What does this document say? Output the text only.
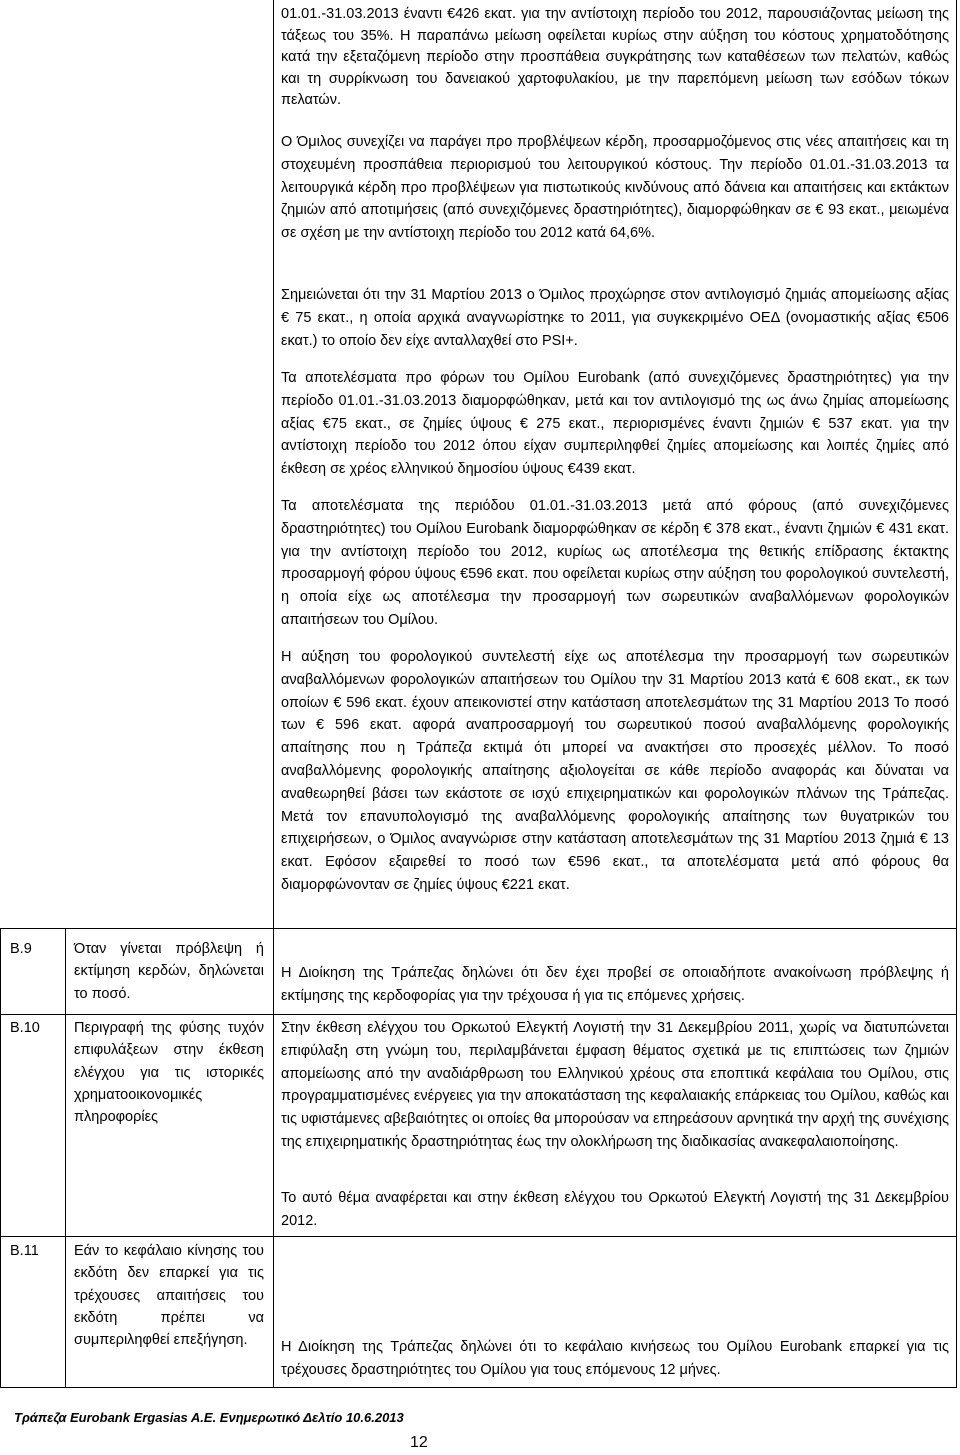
01.01.-31.03.2013 έναντι €426 εκατ. για την αντίστοιχη περίοδο του 2012, παρουσιάζοντας μείωση της τάξεως του 35%. Η παραπάνω μείωση οφείλεται κυρίως στην αύξηση του κόστους χρηματοδότησης κατά την εξεταζόμενη περίοδο στην προσπάθεια συγκράτησης των καταθέσεων των πελατών, καθώς και τη συρρίκνωση του δανειακού χαρτοφυλακίου, με την παρεπόμενη μείωση των εσόδων τόκων πελατών.

Ο Όμιλος συνεχίζει να παράγει προ προβλέψεων κέρδη, προσαρμοζόμενος στις νέες απαιτήσεις και τη στοχευμένη προσπάθεια περιορισμού του λειτουργικού κόστους. Την περίοδο 01.01.-31.03.2013 τα λειτουργικά κέρδη προ προβλέψεων για πιστωτικούς κινδύνους από δάνεια και απαιτήσεις και εκτάκτων ζημιών από αποτιμήσεις (από συνεχιζόμενες δραστηριότητες), διαμορφώθηκαν σε € 93 εκατ., μειωμένα σε σχέση με την αντίστοιχη περίοδο του 2012 κατά 64,6%.

Σημειώνεται ότι την 31 Μαρτίου 2013 ο Όμιλος προχώρησε στον αντιλογισμό ζημιάς απομείωσης αξίας € 75 εκατ., η οποία αρχικά αναγνωρίστηκε το 2011, για συγκεκριμένο ΟΕΔ (ονομαστικής αξίας €506 εκατ.) το οποίο δεν είχε ανταλλαχθεί στο PSI+.

Τα αποτελέσματα προ φόρων του Ομίλου Eurobank (από συνεχιζόμενες δραστηριότητες) για την περίοδο 01.01.-31.03.2013 διαμορφώθηκαν, μετά και τον αντιλογισμό της ως άνω ζημίας απομείωσης αξίας €75 εκατ., σε ζημίες ύψους € 275 εκατ., περιορισμένες έναντι ζημιών € 537 εκατ. για την αντίστοιχη περίοδο του 2012 όπου είχαν συμπεριληφθεί ζημίες απομείωσης και λοιπές ζημίες από έκθεση σε χρέος ελληνικού δημοσίου ύψους €439 εκατ.

Τα αποτελέσματα της περιόδου 01.01.-31.03.2013 μετά από φόρους (από συνεχιζόμενες δραστηριότητες) του Ομίλου Eurobank διαμορφώθηκαν σε κέρδη € 378 εκατ., έναντι ζημιών € 431 εκατ. για την αντίστοιχη περίοδο του 2012, κυρίως ως αποτέλεσμα της θετικής επίδρασης έκτακτης προσαρμογή φόρου ύψους €596 εκατ. που οφείλεται κυρίως στην αύξηση του φορολογικού συντελεστή, η οποία είχε ως αποτέλεσμα την προσαρμογή των σωρευτικών αναβαλλόμενων φορολογικών απαιτήσεων του Ομίλου.

Η αύξηση του φορολογικού συντελεστή είχε ως αποτέλεσμα την προσαρμογή των σωρευτικών αναβαλλόμενων φορολογικών απαιτήσεων του Ομίλου την 31 Μαρτίου 2013 κατά € 608 εκατ., εκ των οποίων € 596 εκατ. έχουν απεικονιστεί στην κατάσταση αποτελεσμάτων της 31 Μαρτίου 2013 Το ποσό των € 596 εκατ. αφορά αναπροσαρμογή του σωρευτικού ποσού αναβαλλόμενης φορολογικής απαίτησης που η Τράπεζα εκτιμά ότι μπορεί να ανακτήσει στο προσεχές μέλλον. Το ποσό αναβαλλόμενης φορολογικής απαίτησης αξιολογείται σε κάθε περίοδο αναφοράς και δύναται να αναθεωρηθεί βάσει των εκάστοτε σε ισχύ επιχειρηματικών και φορολογικών πλάνων της Τράπεζας. Μετά τον επανυπολογισμό της αναβαλλόμενης φορολογικής απαίτησης των θυγατρικών του επιχειρήσεων, ο Όμιλος αναγνώρισε στην κατάσταση αποτελεσμάτων της 31 Μαρτίου 2013 ζημιά € 13 εκατ. Εφόσον εξαιρεθεί το ποσό των €596 εκατ., τα αποτελέσματα μετά από φόρους θα διαμορφώνονταν σε ζημίες ύψους €221 εκατ.

B.9	Όταν γίνεται πρόβλεψη ή εκτίμηση κερδών, δηλώνεται το ποσό.

Η Διοίκηση της Τράπεζας δηλώνει ότι δεν έχει προβεί σε οποιαδήποτε ανακοίνωση πρόβλεψης ή εκτίμησης της κερδοφορίας για την τρέχουσα ή για τις επόμενες χρήσεις.

B.10 Περιγραφή της φύσης τυχόν επιφυλάξεων στην έκθεση ελέγχου για τις ιστορικές χρηματοοικονομικές πληροφορίες

Στην έκθεση ελέγχου του Ορκωτού Ελεγκτή Λογιστή την 31 Δεκεμβρίου 2011, χωρίς να διατυπώνεται επιφύλαξη στη γνώμη του, περιλαμβάνεται έμφαση θέματος σχετικά με τις επιπτώσεις των ζημιών απομείωσης από την αναδιάρθρωση του Ελληνικού χρέους στα εποπτικά κεφάλαια του Ομίλου, στις προγραμματισμένες ενέργειες για την αποκατάσταση της κεφαλαιακής επάρκειας του Ομίλου, καθώς και τις υφιστάμενες αβεβαιότητες οι οποίες θα μπορούσαν να επηρεάσουν αρνητικά την αρχή της συνέχισης της επιχειρηματικής δραστηριότητας έως την ολοκλήρωση της διαδικασίας ανακεφαλαιοποίησης.

Το αυτό θέμα αναφέρεται και στην έκθεση ελέγχου του Ορκωτού Ελεγκτή Λογιστή της 31 Δεκεμβρίου 2012.

B.11 Εάν το κεφάλαιο κίνησης του εκδότη δεν επαρκεί για τις τρέχουσες απαιτήσεις του εκδότη πρέπει να συμπεριληφθεί επεξήγηση.	Η Διοίκηση της Τράπεζας δηλώνει ότι το κεφάλαιο κινήσεως του Ομίλου Eurobank επαρκεί για τις τρέχουσες δραστηριότητες του Ομίλου για τους επόμενους 12 μήνες.

Τράπεζα Eurobank Ergasias A.E. Ενημερωτικό Δελτίο 10.6.2013
12
